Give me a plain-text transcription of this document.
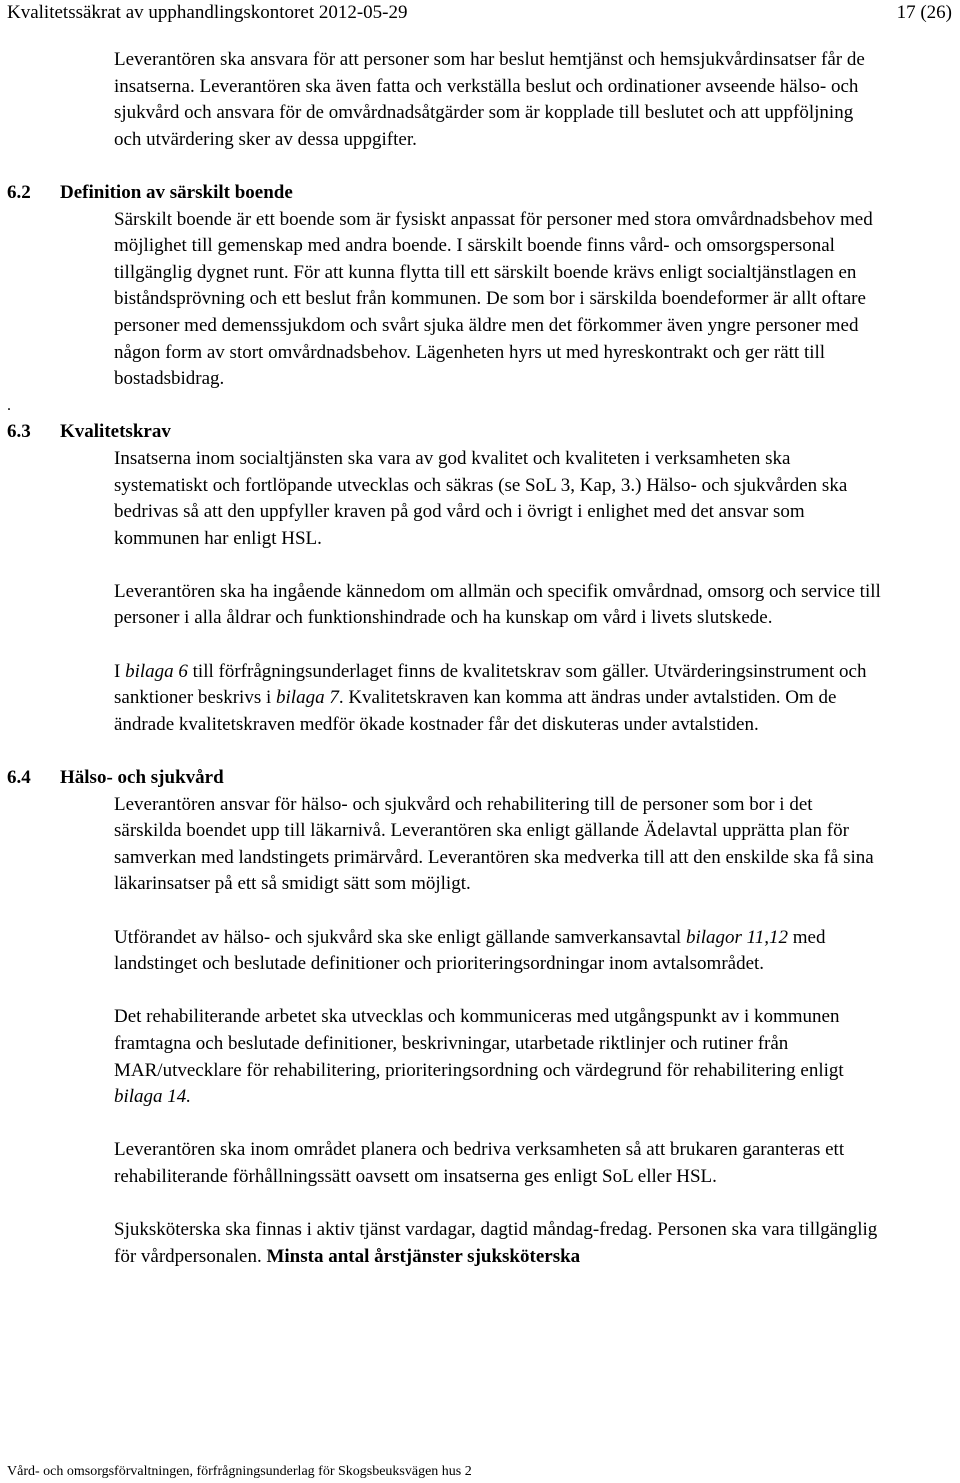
Kvalitetssäkrat av upphandlingskontoret 2012-05-29	17 (26)

Leverantören ska ansvara för att personer som har beslut hemtjänst och hemsjukvårdinsatser får de insatserna. Leverantören ska även fatta och verkställa beslut och ordinationer avseende hälso- och sjukvård och ansvara för de omvårdnadsåtgärder som är kopplade till beslutet och att uppföljning och utvärdering sker av dessa uppgifter.

6.2 Definition av särskilt boende

Särskilt boende är ett boende som är fysiskt anpassat för personer med stora omvårdnadsbehov med möjlighet till gemenskap med andra boende. I särskilt boende finns vård- och omsorgspersonal tillgänglig dygnet runt. För att kunna flytta till ett särskilt boende krävs enligt socialtjänstlagen en biståndsprövning och ett beslut från kommunen. De som bor i särskilda boendeformer är allt oftare personer med demenssjukdom och svårt sjuka äldre men det förkommer även yngre personer med någon form av stort omvårdnadsbehov. Lägenheten hyrs ut med hyreskontrakt och ger rätt till bostadsbidrag.

.
6.3 Kvalitetskrav

Insatserna inom socialtjänsten ska vara av god kvalitet och kvaliteten i verksamheten ska systematiskt och fortlöpande utvecklas och säkras (se SoL 3, Kap, 3.) Hälso- och sjukvården ska bedrivas så att den uppfyller kraven på god vård och i övrigt i enlighet med det ansvar som kommunen har enligt HSL.

Leverantören ska ha ingående kännedom om allmän och specifik omvårdnad, omsorg och service till personer i alla åldrar och funktionshindrade och ha kunskap om vård i livets slutskede.

I bilaga 6 till förfrågningsunderlaget finns de kvalitetskrav som gäller. Utvärderingsinstrument och sanktioner beskrivs i bilaga 7. Kvalitetskraven kan komma att ändras under avtalstiden. Om de ändrade kvalitetskraven medför ökade kostnader får det diskuteras under avtalstiden.

6.4 Hälso- och sjukvård

Leverantören ansvar för hälso- och sjukvård och rehabilitering till de personer som bor i det särskilda boendet upp till läkarnivå. Leverantören ska enligt gällande Ädelavtal upprätta plan för samverkan med landstingets primärvård. Leverantören ska medverka till att den enskilde ska få sina läkarinsatser på ett så smidigt sätt som möjligt.

Utförandet av hälso- och sjukvård ska ske enligt gällande samverkansavtal bilagor 11,12 med landstinget och beslutade definitioner och prioriteringsordningar inom avtalsområdet.

Det rehabiliterande arbetet ska utvecklas och kommuniceras med utgångspunkt av i kommunen framtagna och beslutade definitioner, beskrivningar, utarbetade riktlinjer och rutiner från MAR/utvecklare för rehabilitering, prioriteringsordning och värdegrund för rehabilitering enligt bilaga 14.

Leverantören ska inom området planera och bedriva verksamheten så att brukaren garanteras ett rehabiliterande förhållningssätt oavsett om insatserna ges enligt SoL eller HSL.

Sjuksköterska ska finnas i aktiv tjänst vardagar, dagtid måndag-fredag. Personen ska vara tillgänglig för vårdpersonalen. Minsta antal årstjänster sjuksköterska

Vård- och omsorgsförvaltningen, förfrågningsunderlag för Skogsbeuksvägen hus 2
